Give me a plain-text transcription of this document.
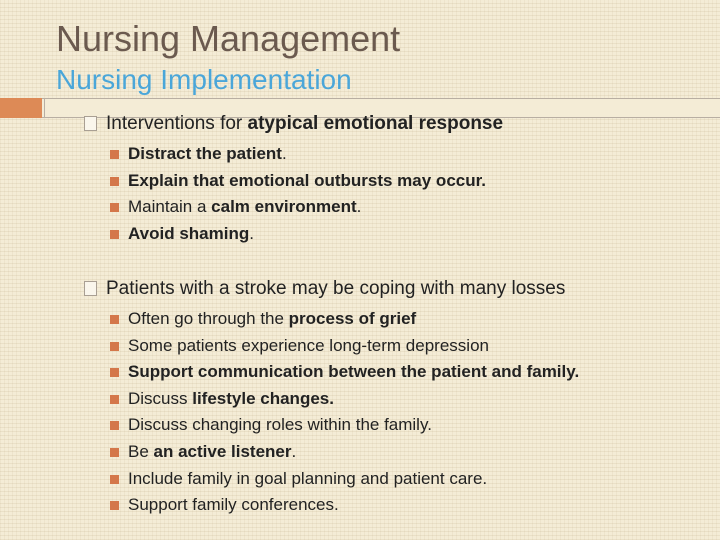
Nursing Management
Nursing Implementation
Interventions for atypical emotional response
Distract the patient.
Explain that emotional outbursts may occur.
Maintain a calm environment.
Avoid shaming.
Patients with a stroke may be coping with many losses
Often go through the process of grief
Some patients experience long-term depression
Support communication between the patient and family.
Discuss lifestyle changes.
Discuss changing roles within the family.
Be an active listener.
Include family in goal planning and patient care.
Support family conferences.
